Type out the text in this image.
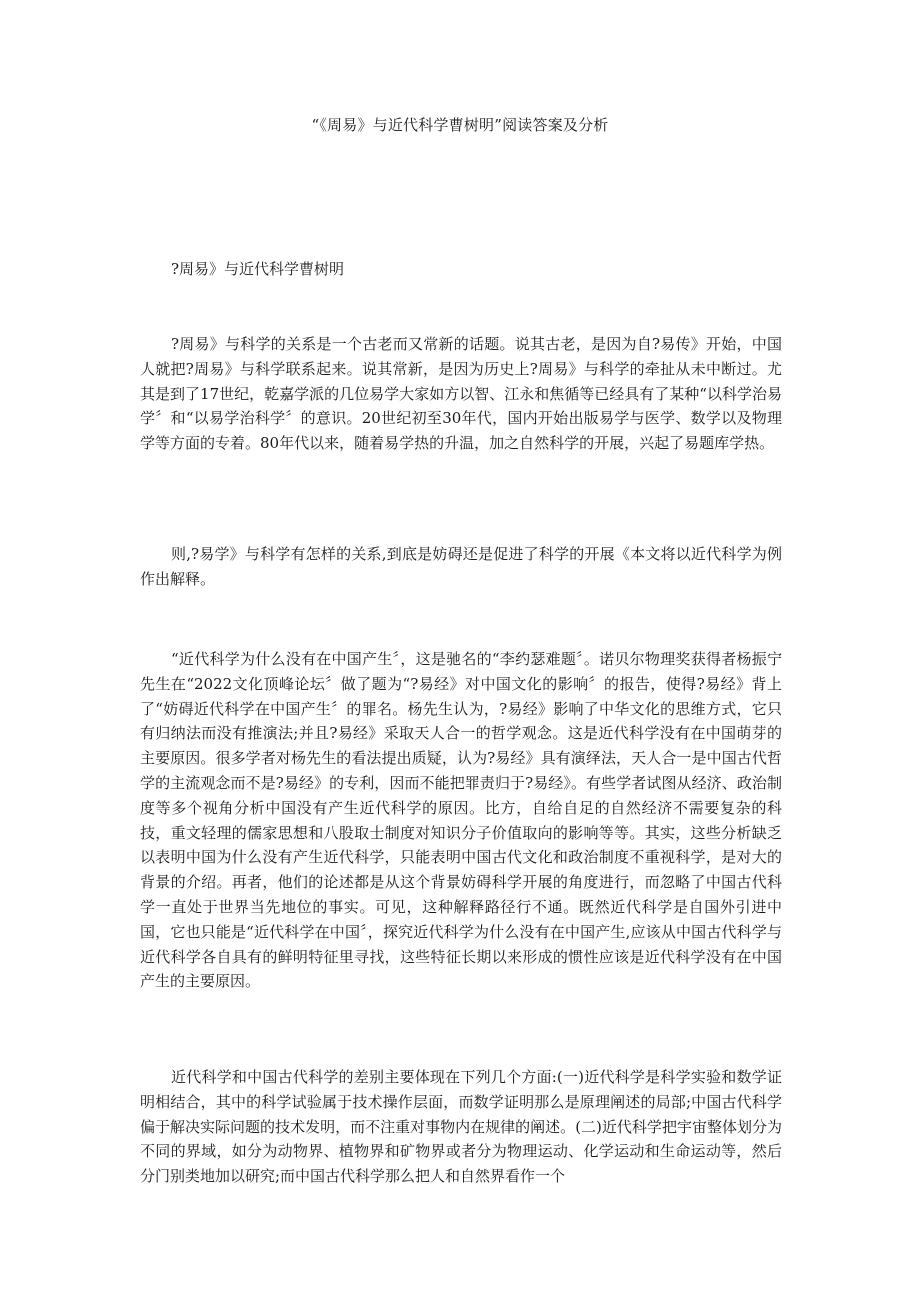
“《周易》与近代科学曹树明”阅读答案及分析
?周易》与近代科学曹树明

?周易》与科学的关系是一个古老而又常新的话题。说其古老，是因为自?易传》开始，中国人就把?周易》与科学联系起来。说其常新，是因为历史上?周易》与科学的牵扯从未中断过。尤其是到了17世纪，乾嘉学派的几位易学大家如方以智、江永和焦循等已经具有了某种“以科学治易学〞和“以易学治科学〞的意识。20世纪初至30年代，国内开始出版易学与医学、数学以及物理学等方面的专着。80年代以来，随着易学热的升温，加之自然科学的开展，兴起了易题库学热。

则,?易学》与科学有怎样的关系,到底是妨碍还是促进了科学的开展《本文将以近代科学为例作出解释。

“近代科学为什么没有在中国产生〞，这是驰名的“李约瑟难题〞。诺贝尔物理奖获得者杨振宁先生在“2022文化顶峰论坛〞做了题为“?易经》对中国文化的影响〞的报告，使得?易经》背上了“妨碍近代科学在中国产生〞的罪名。杨先生认为，?易经》影响了中华文化的思维方式，它只有归纳法而没有推演法;并且?易经》采取天人合一的哲学观念。这是近代科学没有在中国萌芽的主要原因。很多学者对杨先生的看法提出质疑，认为?易经》具有演绎法，天人合一是中国古代哲学的主流观念而不是?易经》的专利，因而不能把罪责归于?易经》。有些学者试图从经济、政治制度等多个视角分析中国没有产生近代科学的原因。比方，自给自足的自然经济不需要复杂的科技，重文轻理的儒家思想和八股取士制度对知识分子价值取向的影响等等。其实，这些分析缺乏以表明中国为什么没有产生近代科学，只能表明中国古代文化和政治制度不重视科学，是对大的背景的介绍。再者，他们的论述都是从这个背景妨碍科学开展的角度进行，而忽略了中国古代科学一直处于世界当先地位的事实。可见，这种解释路径行不通。既然近代科学是自国外引进中国，它也只能是“近代科学在中国〞，探究近代科学为什么没有在中国产生,应该从中国古代科学与近代科学各自具有的鲜明特征里寻找，这些特征长期以来形成的惯性应该是近代科学没有在中国产生的主要原因。

近代科学和中国古代科学的差别主要体现在下列几个方面:(一)近代科学是科学实验和数学证明相结合，其中的科学试验属于技术操作层面，而数学证明那么是原理阐述的局部;中国古代科学偏于解决实际问题的技术发明，而不注重对事物内在规律的阐述。(二)近代科学把宇宙整体划分为不同的界域，如分为动物界、植物界和矿物界或者分为物理运动、化学运动和生命运动等，然后分门别类地加以研究;而中国古代科学那么把人和自然界看作一个
